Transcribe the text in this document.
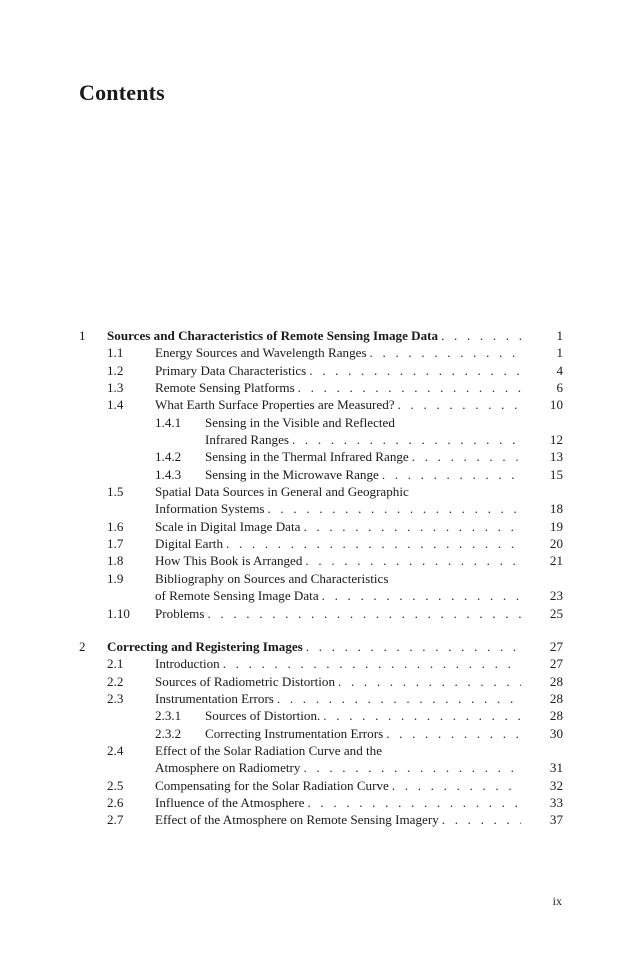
Contents
1 Sources and Characteristics of Remote Sensing Image Data . . .	1
1.1 Energy Sources and Wavelength Ranges . . .	1
1.2 Primary Data Characteristics . . .	4
1.3 Remote Sensing Platforms . . .	6
1.4 What Earth Surface Properties are Measured? . . .	10
1.4.1 Sensing in the Visible and Reflected
Infrared Ranges . . .	12
1.4.2 Sensing in the Thermal Infrared Range . . .	13
1.4.3 Sensing in the Microwave Range . . .	15
1.5 Spatial Data Sources in General and Geographic
Information Systems . . .	18
1.6 Scale in Digital Image Data . . .	19
1.7 Digital Earth . . .	20
1.8 How This Book is Arranged . . .	21
1.9 Bibliography on Sources and Characteristics
of Remote Sensing Image Data . . .	23
1.10 Problems . . .	25
2 Correcting and Registering Images . . .	27
2.1 Introduction . . .	27
2.2 Sources of Radiometric Distortion . . .	28
2.3 Instrumentation Errors . . .	28
2.3.1 Sources of Distortion. . . .	28
2.3.2 Correcting Instrumentation Errors . . .	30
2.4 Effect of the Solar Radiation Curve and the
Atmosphere on Radiometry . . .	31
2.5 Compensating for the Solar Radiation Curve . . .	32
2.6 Influence of the Atmosphere . . .	33
2.7 Effect of the Atmosphere on Remote Sensing Imagery . . .	37
ix
